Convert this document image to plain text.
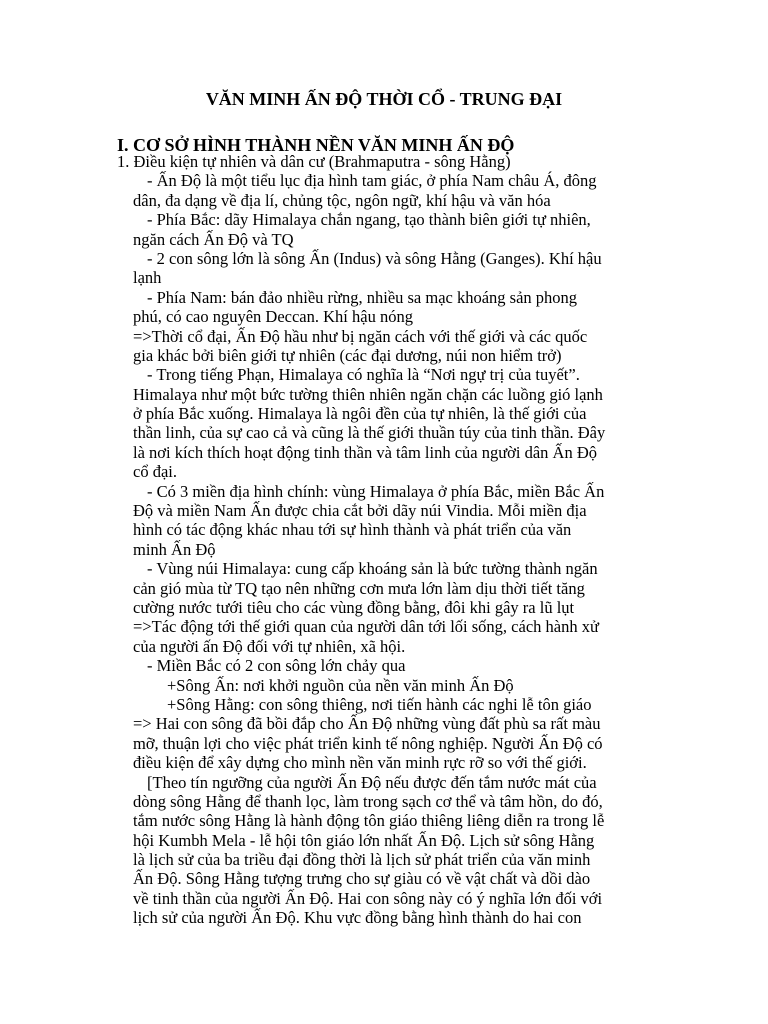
VĂN MINH ẤN ĐỘ THỜI CỔ - TRUNG ĐẠI
I. CƠ SỞ HÌNH THÀNH NỀN VĂN MINH ẤN ĐỘ
1. Điều kiện tự nhiên và dân cư (Brahmaputra - sông Hằng)
- Ấn Độ là một tiểu lục địa hình tam giác, ở phía Nam châu Á, đông
dân, đa dạng về địa lí, chủng tộc, ngôn ngữ, khí hậu và văn hóa
- Phía Bắc: dãy Himalaya chắn ngang, tạo thành biên giới tự nhiên,
ngăn cách Ấn Độ và TQ
- 2 con sông lớn là sông Ấn (Indus) và sông Hằng (Ganges). Khí hậu
lạnh
- Phía Nam: bán đảo nhiều rừng, nhiều sa mạc khoáng sản phong
phú, có cao nguyên Deccan. Khí hậu nóng
=>Thời cổ đại, Ấn Độ hầu như bị ngăn cách với thế giới và các quốc
gia khác bởi biên giới tự nhiên (các đại dương, núi non hiểm trở)
- Trong tiếng Phạn, Himalaya có nghĩa là “Nơi ngự trị của tuyết”.
Himalaya như một bức tường thiên nhiên ngăn chặn các luồng gió lạnh
ở phía Bắc xuống. Himalaya là ngôi đền của tự nhiên, là thế giới của
thần linh, của sự cao cả và cũng là thế giới thuần túy của tinh thần. Đây
là nơi kích thích hoạt động tinh thần và tâm linh của người dân Ấn Độ
cổ đại.
- Có 3 miền địa hình chính: vùng Himalaya ở phía Bắc, miền Bắc Ấn
Độ và miền Nam Ấn được chia cắt bởi dãy núi Vindia. Mỗi miền địa
hình có tác động khác nhau tới sự hình thành và phát triển của văn
minh Ấn Độ
- Vùng núi Himalaya: cung cấp khoáng sản là bức tường thành ngăn
cản gió mùa từ TQ tạo nên những cơn mưa lớn làm dịu thời tiết tăng
cường nước tưới tiêu cho các vùng đồng bằng, đôi khi gây ra lũ lụt
=>Tác động tới thế giới quan của người dân tới lối sống, cách hành xử
của người ấn Độ đối với tự nhiên, xã hội.
- Miền Bắc có 2 con sông lớn chảy qua
+Sông Ấn: nơi khởi nguồn của nền văn minh Ấn Độ
+Sông Hằng: con sông thiêng, nơi tiến hành các nghi lễ tôn giáo
=> Hai con sông đã bồi đắp cho Ấn Độ những vùng đất phù sa rất màu
mỡ, thuận lợi cho việc phát triển kinh tế nông nghiệp. Người Ấn Độ có
điều kiện để xây dựng cho mình nền văn minh rực rỡ so với thế giới.
[Theo tín ngưỡng của người Ấn Độ nếu được đến tắm nước mát của
dòng sông Hằng để thanh lọc, làm trong sạch cơ thể và tâm hồn, do đó,
tắm nước sông Hằng là hành động tôn giáo thiêng liêng diễn ra trong lễ
hội Kumbh Mela - lễ hội tôn giáo lớn nhất Ấn Độ. Lịch sử sông Hằng
là lịch sử của ba triều đại đồng thời là lịch sử phát triển của văn minh
Ấn Độ. Sông Hằng tượng trưng cho sự giàu có về vật chất và dồi dào
về tinh thần của người Ấn Độ. Hai con sông này có ý nghĩa lớn đối với
lịch sử của người Ấn Độ. Khu vực đồng bằng hình thành do hai con
